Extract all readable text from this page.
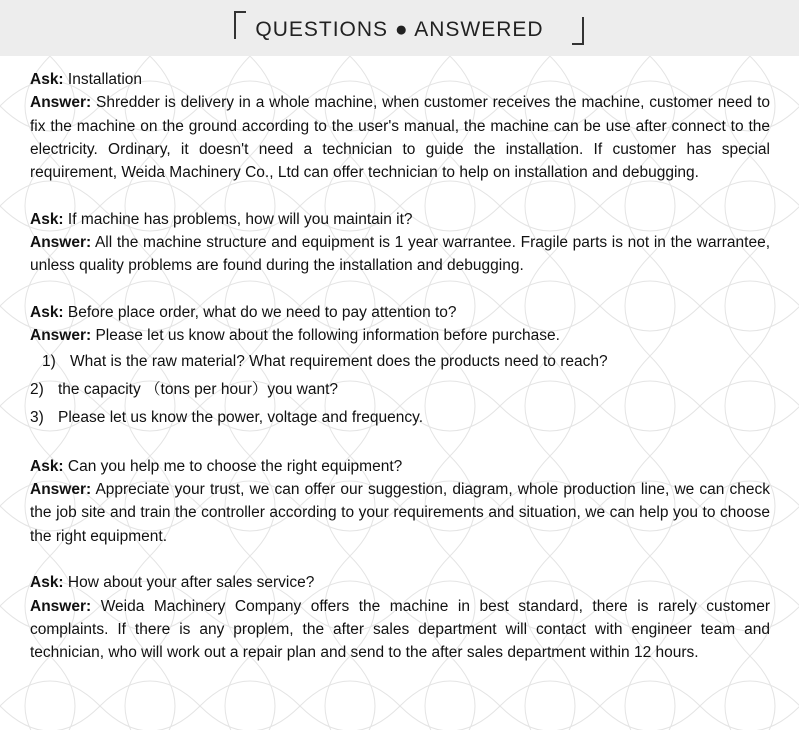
QUESTIONS ● ANSWERED

Ask: Installation

Answer: Shredder is delivery in a whole machine, when customer receives the machine, customer need to fix the machine on the ground according to the user's manual, the machine can be use after connect to the electricity. Ordinary, it doesn't need a technician to guide the installation. If customer has special requirement, Weida Machinery Co., Ltd can offer technician to help on installation and debugging.

Ask: If machine has problems, how will you maintain it?

Answer: All the machine structure and equipment is 1 year warrantee. Fragile parts is not in the warrantee, unless quality problems are found during the installation and debugging.

Ask: Before place order, what do we need to pay attention to?

Answer: Please let us know about the following information before purchase.

1) What is the raw material? What requirement does the products need to reach?
2) the capacity （tons per hour）you want?
3) Please let us know the power, voltage and frequency.

Ask: Can you help me to choose the right equipment?

Answer: Appreciate your trust, we can offer our suggestion, diagram, whole production line, we can check the job site and train the controller according to your requirements and situation, we can help you to choose the right equipment.

Ask: How about your after sales service?

Answer: Weida Machinery Company offers the machine in best standard, there is rarely customer complaints. If there is any proplem, the after sales department will contact with engineer team and technician, who will work out a repair plan and send to the after sales department within 12 hours.
